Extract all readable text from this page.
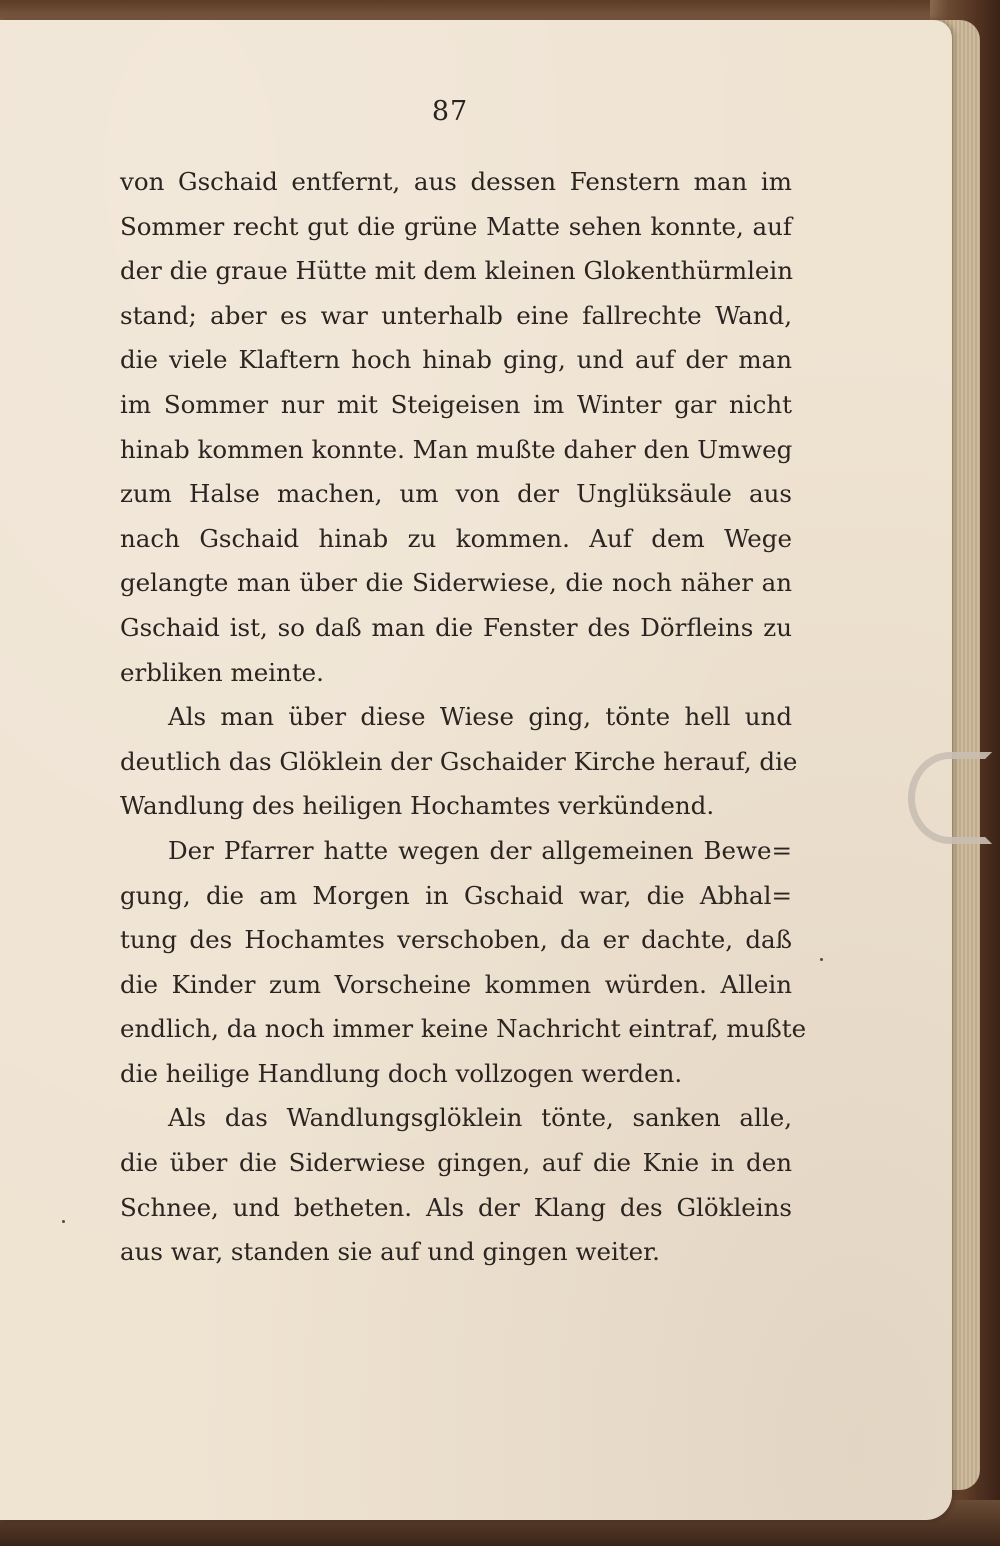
87
von Gschaid entfernt, aus dessen Fenstern man im
Sommer recht gut die grüne Matte sehen konnte, auf
der die graue Hütte mit dem kleinen Glokenthürmlein
stand; aber es war unterhalb eine fallrechte Wand,
die viele Klaftern hoch hinab ging, und auf der man
im Sommer nur mit Steigeisen im Winter gar nicht
hinab kommen konnte. Man mußte daher den Umweg
zum Halse machen, um von der Unglüksäule aus
nach Gschaid hinab zu kommen. Auf dem Wege
gelangte man über die Siderwiese, die noch näher an
Gschaid ist, so daß man die Fenster des Dörfleins zu
erbliken meinte.
Als man über diese Wiese ging, tönte hell und
deutlich das Glöklein der Gschaider Kirche herauf, die
Wandlung des heiligen Hochamtes verkündend.
Der Pfarrer hatte wegen der allgemeinen Bewe=
gung, die am Morgen in Gschaid war, die Abhal=
tung des Hochamtes verschoben, da er dachte, daß
die Kinder zum Vorscheine kommen würden. Allein
endlich, da noch immer keine Nachricht eintraf, mußte
die heilige Handlung doch vollzogen werden.
Als das Wandlungsglöklein tönte, sanken alle,
die über die Siderwiese gingen, auf die Knie in den
Schnee, und betheten. Als der Klang des Glökleins
aus war, standen sie auf und gingen weiter.
